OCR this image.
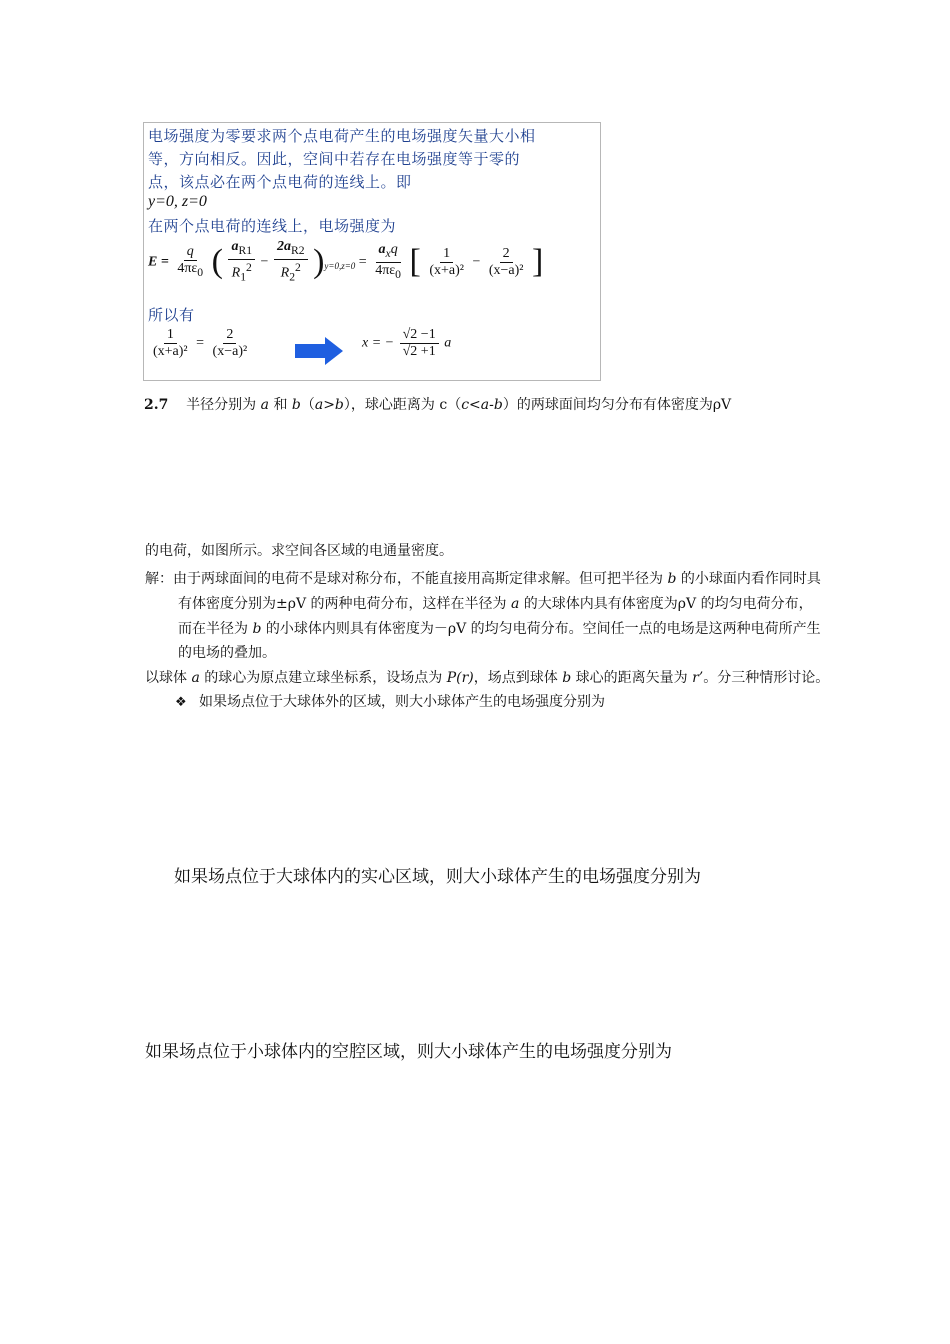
电场强度为零要求两个点电荷产生的电场强度矢量大小相
等，方向相反。因此，空间中若存在电场强度等于零的
点，该点必在两个点电荷的连线上。即
y=0, z=0
在两个点电荷的连线上，电场强度为
$E = \frac{q}{4\pi\varepsilon_0}$ ( $\frac{a_{R1}}{R_1^2} - \frac{2a_{R2}}{R_2^2} )_{y=0,z=0} = \frac{a_xq}{4\pi\varepsilon_0}$ [ $\frac{1}{\text{(x+a)²}} - \frac{2}{\text{(x−a)²}}$ ]
所以有
$\frac{1}{\text{(x+a)²}} = \frac{2}{\text{(x−a)²}}$	x = − $\frac{√2 -1}{√2 +1}$ a
2.7 半径分别为 a 和 b（a>b），球心距离为 c（c<a-b）的两球面间均匀分布有体密度为ρV
的电荷，如图所示。求空间各区域的电通量密度。
解：由于两球面间的电荷不是球对称分布，不能直接用高斯定律求解。但可把半径为 b 的小球面内看作同时具
有体密度分别为±ρV 的两种电荷分布，这样在半径为 a 的大球体内具有体密度为ρV 的均匀电荷分布，
而在半径为 b 的小球体内则具有体密度为－ρV 的均匀电荷分布。空间任一点的电场是这两种电荷所产生
的电场的叠加。
以球体 a 的球心为原点建立球坐标系，设场点为 P(r)，场点到球体 b 球心的距离矢量为 r’。分三种情形讨论。
❖ 如果场点位于大球体外的区域，则大小球体产生的电场强度分别为
如果场点位于大球体内的实心区域，则大小球体产生的电场强度分别为
如果场点位于小球体内的空腔区域，则大小球体产生的电场强度分别为
